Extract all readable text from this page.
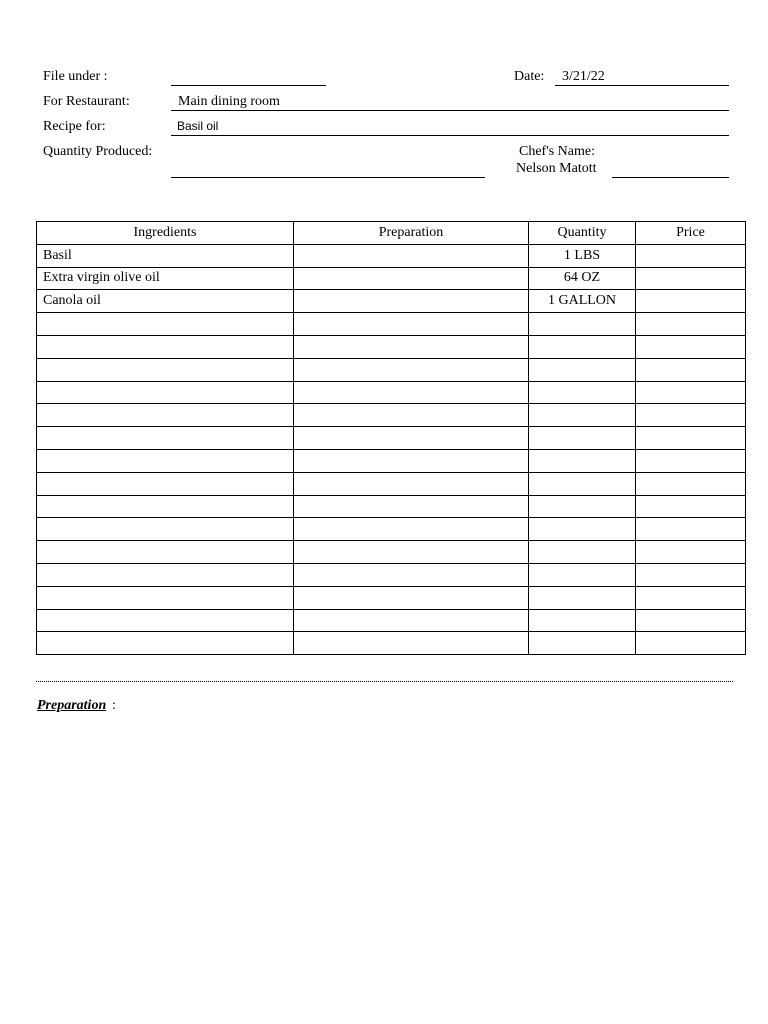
File under :	Date: 3/21/22
For Restaurant:	Main dining room
Recipe for:	Basil oil
Quantity Produced:	Chef's Name:
Nelson Matott
Ingredients	Preparation	Quantity	Price
Basil		1 LBS	
Extra virgin olive oil		64 OZ	
Canola oil		1 GALLON	

Preparation :
